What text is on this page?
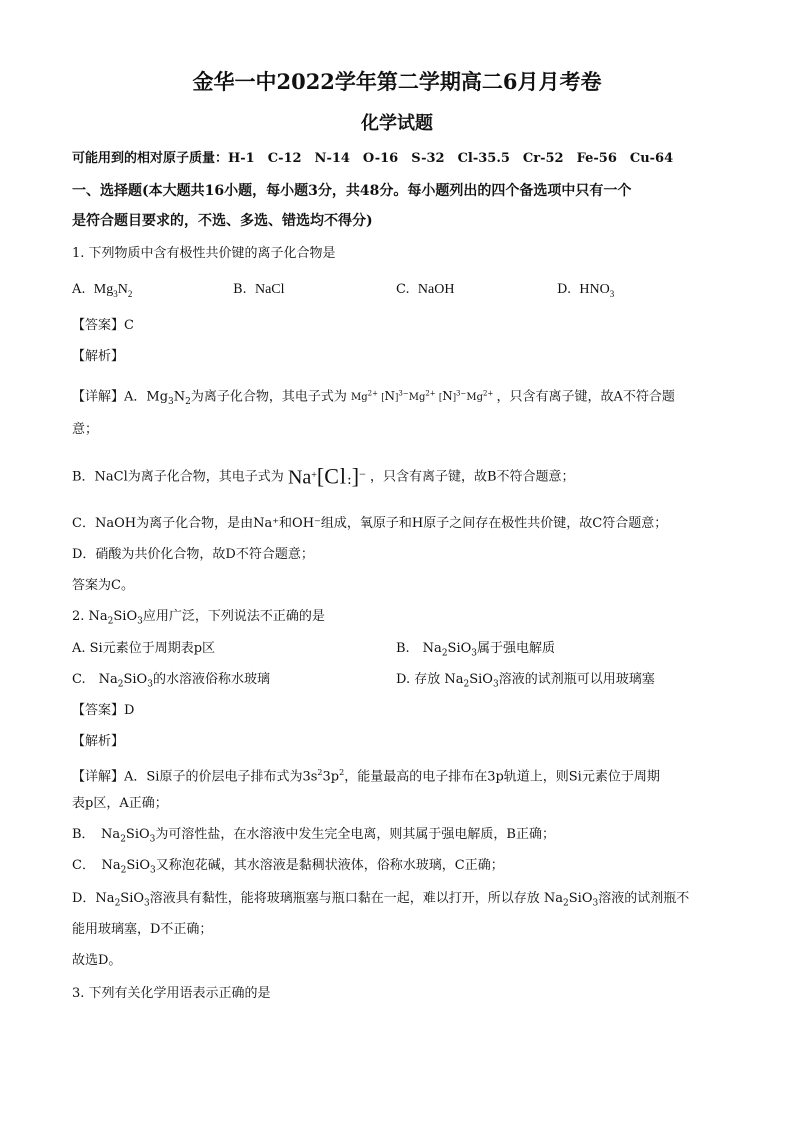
金华一中2022学年第二学期高二6月月考卷
化学试题
可能用到的相对原子质量：H-1　C-12　N-14　O-16　S-32　Cl-35.5　Cr-52　Fe-56　Cu-64
一、选择题(本大题共16小题，每小题3分，共48分。每小题列出的四个备选项中只有一个
是符合题目要求的，不选、多选、错选均不得分)
1. 下列物质中含有极性共价键的离子化合物是
A. $Mg_3N_2$	B. NaCl	C. NaOH	D. $HNO_3$
【答案】C
【解析】
【详解】A．$Mg_3N_2$为离子化合物，其电子式为 $Mg^{2+}$ $[N]^{3-}Mg^{2+}$ $[N]^{3-}Mg^{2+}$ ，只含有离子键，故A不符合题
意；
B．NaCl为离子化合物，其电子式为 Na+[Cl:]− ，只含有离子键，故B不符合题意；
C．NaOH为离子化合物，是由Na⁺和OH⁻组成，氧原子和H原子之间存在极性共价键，故C符合题意；
D．硝酸为共价化合物，故D不符合题意；
答案为C。
2. $Na_2SiO_3$应用广泛，下列说法不正确的是
A. Si元素位于周期表p区	B.　$Na_2SiO_3$属于强电解质
C.　$Na_2SiO_3$的水溶液俗称水玻璃	D. 存放 $Na_2SiO_3$溶液的试剂瓶可以用玻璃塞
【答案】D
【解析】
【详解】A．Si原子的价层电子排布式为$3s^23p^2$，能量最高的电子排布在3p轨道上，则Si元素位于周期
表p区，A正确；
B．　$Na_2SiO_3$为可溶性盐，在水溶液中发生完全电离，则其属于强电解质，B正确；
C．　$Na_2SiO_3$又称泡花碱，其水溶液是黏稠状液体，俗称水玻璃，C正确；
D．$Na_2SiO_3$溶液具有黏性，能将玻璃瓶塞与瓶口黏在一起，难以打开，所以存放 $Na_2SiO_3$溶液的试剂瓶不
能用玻璃塞，D不正确；
故选D。
3. 下列有关化学用语表示正确的是
